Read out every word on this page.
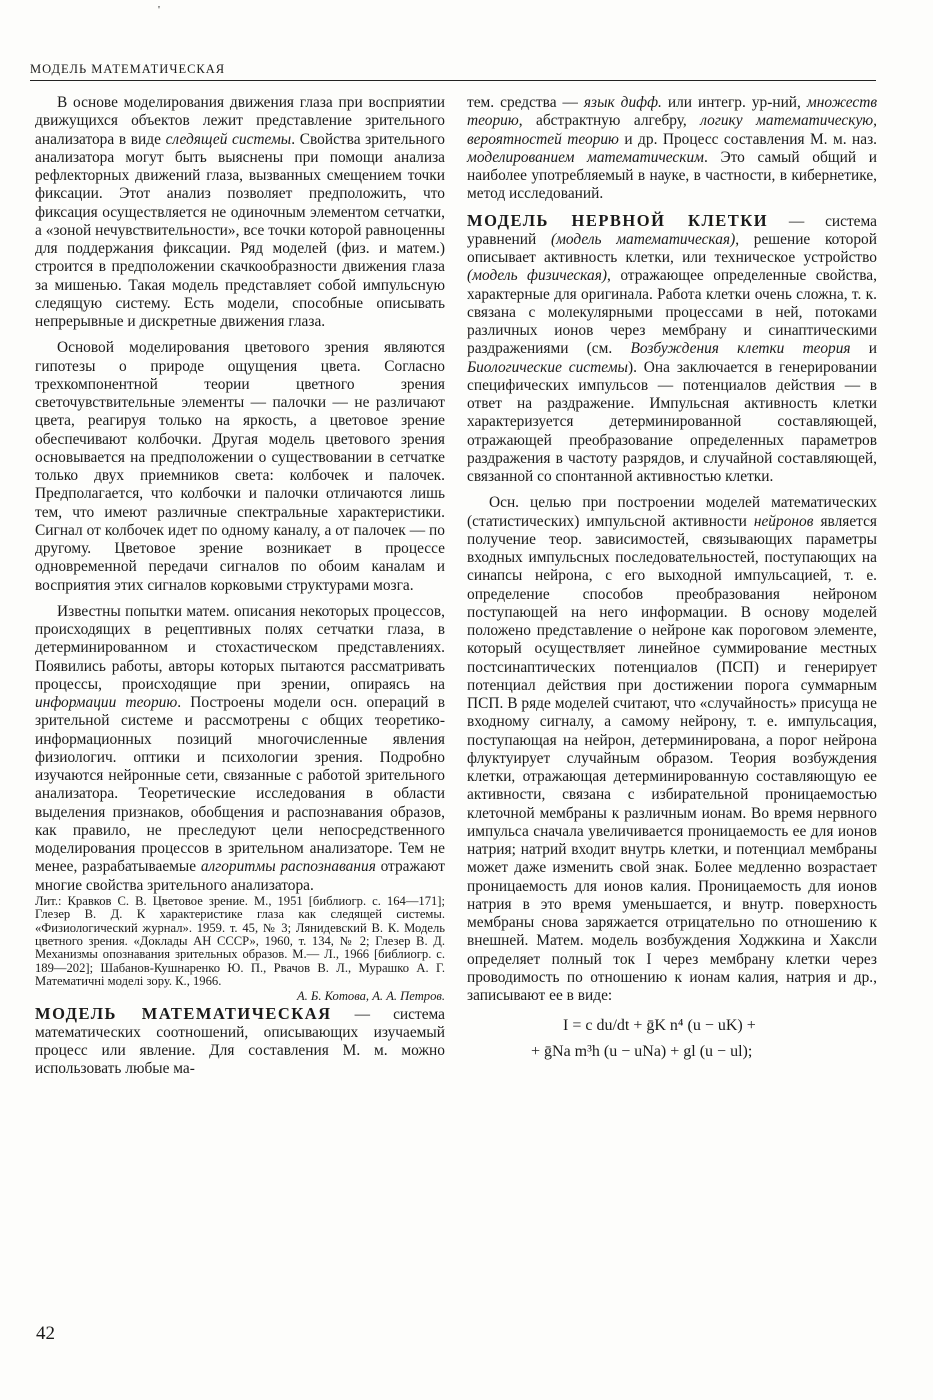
'
МОДЕЛЬ МАТЕМАТИЧЕСКАЯ

В основе моделирования движения глаза при восприятии движущихся объектов лежит представление зрительного анализатора в виде следящей системы. Свойства зрительного анализатора могут быть выяснены при помощи анализа рефлекторных движений глаза, вызванных смещением точки фиксации. Этот анализ позволяет предположить, что фиксация осуществляется не одиночным элементом сетчатки, а «зоной нечувствительности», все точки которой равноценны для поддержания фиксации. Ряд моделей (физ. и матем.) строится в предположении скачкообразности движения глаза за мишенью. Такая модель представляет собой импульсную следящую систему. Есть модели, способные описывать непрерывные и дискретные движения глаза.

Основой моделирования цветового зрения являются гипотезы о природе ощущения цвета. Согласно трехкомпонентной теории цветного зрения светочувствительные элементы — палочки — не различают цвета, реагируя только на яркость, а цветовое зрение обеспечивают колбочки. Другая модель цветового зрения основывается на предположении о существовании в сетчатке только двух приемников света: колбочек и палочек. Предполагается, что колбочки и палочки отличаются лишь тем, что имеют различные спектральные характеристики. Сигнал от колбочек идет по одному каналу, а от палочек — по другому. Цветовое зрение возникает в процессе одновременной передачи сигналов по обоим каналам и восприятия этих сигналов корковыми структурами мозга.

Известны попытки матем. описания некоторых процессов, происходящих в рецептивных полях сетчатки глаза, в детерминированном и стохастическом представлениях. Появились работы, авторы которых пытаются рассматривать процессы, происходящие при зрении, опираясь на информации теорию. Построены модели осн. операций в зрительной системе и рассмотрены с общих теоретико-информационных позиций многочисленные явления физиологич. оптики и психологии зрения. Подробно изучаются нейронные сети, связанные с работой зрительного анализатора. Теоретические исследования в области выделения признаков, обобщения и распознавания образов, как правило, не преследуют цели непосредственного моделирования процессов в зрительном анализаторе. Тем не менее, разрабатываемые алгоритмы распознавания отражают многие свойства зрительного анализатора.

Лит.: Кравков С. В. Цветовое зрение. М., 1951 [библиогр. с. 164—171]; Глезер В. Д. К характеристике глаза как следящей системы. «Физиологический журнал». 1959. т. 45, № 3; Лянидевский В. К. Модель цветного зрения. «Доклады АН СССР», 1960, т. 134, № 2; Глезер В. Д. Механизмы опознавания зрительных образов. М.— Л., 1966 [библиогр. с. 189—202]; Шабанов-Кушнаренко Ю. П., Рвачов В. Л., Мурашко А. Г. Математичні моделі зору. К., 1966.

А. Б. Котова, А. А. Петров.

МОДЕЛЬ МАТЕМАТИЧЕСКАЯ — система математических соотношений, описывающих изучаемый процесс или явление. Для составления М. м. можно использовать любые ма-

тем. средства — язык дифф. или интегр. ур-ний, множеств теорию, абстрактную алгебру, логику математическую, вероятностей теорию и др. Процесс составления М. м. наз. моделированием математическим. Это самый общий и наиболее употребляемый в науке, в частности, в кибернетике, метод исследований.

МОДЕЛЬ НЕРВНОЙ КЛЕТКИ — система уравнений (модель математическая), решение которой описывает активность клетки, или техническое устройство (модель физическая), отражающее определенные свойства, характерные для оригинала. Работа клетки очень сложна, т. к. связана с молекулярными процессами в ней, потоками различных ионов через мембрану и синаптическими раздражениями (см. Возбуждения клетки теория и Биологические системы). Она заключается в генерировании специфических импульсов — потенциалов действия — в ответ на раздражение. Импульсная активность клетки характеризуется детерминированной составляющей, отражающей преобразование определенных параметров раздражения в частоту разрядов, и случайной составляющей, связанной со спонтанной активностью клетки.

Осн. целью при построении моделей математических (статистических) импульсной активности нейронов является получение теор. зависимостей, связывающих параметры входных импульсных последовательностей, поступающих на синапсы нейрона, с его выходной импульсацией, т. е. определение способов преобразования нейроном поступающей на него информации. В основу моделей положено представление о нейроне как пороговом элементе, который осуществляет линейное суммирование местных постсинаптических потенциалов (ПСП) и генерирует потенциал действия при достижении порога суммарным ПСП. В ряде моделей считают, что «случайность» присуща не входному сигналу, а самому нейрону, т. е. импульсация, поступающая на нейрон, детерминирована, а порог нейрона флуктуирует случайным образом. Теория возбуждения клетки, отражающая детерминированную составляющую ее активности, связана с избирательной проницаемостью клеточной мембраны к различным ионам. Во время нервного импульса сначала увеличивается проницаемость ее для ионов натрия; натрий входит внутрь клетки, и потенциал мембраны может даже изменить свой знак. Более медленно возрастает проницаемость для ионов калия. Проницаемость для ионов натрия в это время уменьшается, и внутр. поверхность мембраны снова заряжается отрицательно по отношению к внешней. Матем. модель возбуждения Ходжкина и Хаксли определяет полный ток I через мембрану клетки через проводимость по отношению к ионам калия, натрия и др., записывают ее в виде:

I = c du/dt + ḡK n⁴ (u − uK) +
+ ḡNa m³h (u − uNa) + gl (u − ul);
42
